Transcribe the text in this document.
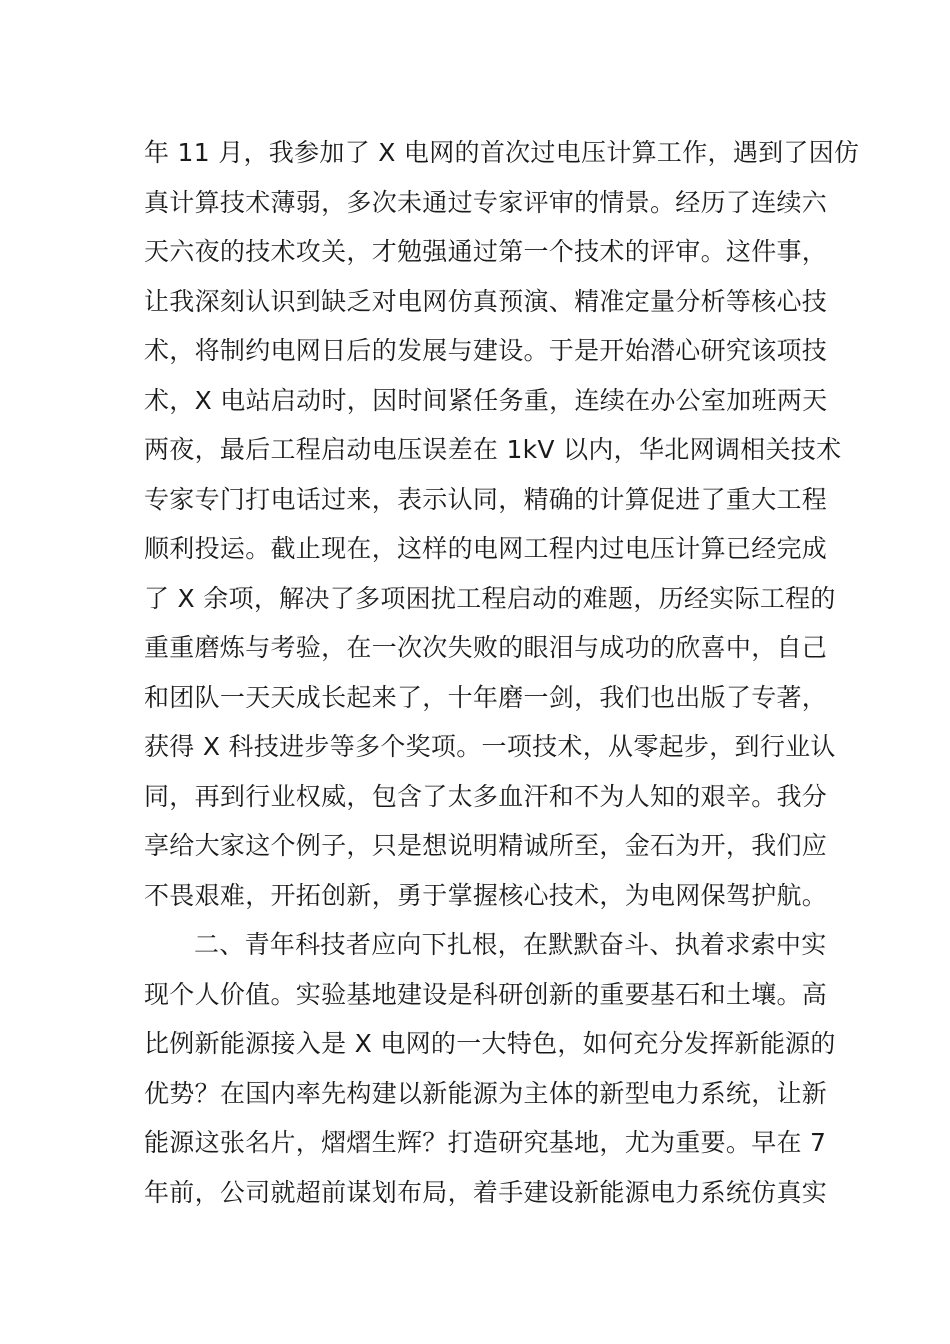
年 11 月，我参加了 X 电网的首次过电压计算工作，遇到了因仿
真计算技术薄弱，多次未通过专家评审的情景。经历了连续六
天六夜的技术攻关，才勉强通过第一个技术的评审。这件事，
让我深刻认识到缺乏对电网仿真预演、精准定量分析等核心技
术，将制约电网日后的发展与建设。于是开始潜心研究该项技
术，X 电站启动时，因时间紧任务重，连续在办公室加班两天
两夜，最后工程启动电压误差在 1kV 以内，华北网调相关技术
专家专门打电话过来，表示认同，精确的计算促进了重大工程
顺利投运。截止现在，这样的电网工程内过电压计算已经完成
了 X 余项，解决了多项困扰工程启动的难题，历经实际工程的
重重磨炼与考验，在一次次失败的眼泪与成功的欣喜中，自己
和团队一天天成长起来了，十年磨一剑，我们也出版了专著，
获得 X 科技进步等多个奖项。一项技术，从零起步，到行业认
同，再到行业权威，包含了太多血汗和不为人知的艰辛。我分
享给大家这个例子，只是想说明精诚所至，金石为开，我们应
不畏艰难，开拓创新，勇于掌握核心技术，为电网保驾护航。
二、青年科技者应向下扎根，在默默奋斗、执着求索中实
现个人价值。实验基地建设是科研创新的重要基石和土壤。高
比例新能源接入是 X 电网的一大特色，如何充分发挥新能源的
优势？在国内率先构建以新能源为主体的新型电力系统，让新
能源这张名片，熠熠生辉？打造研究基地，尤为重要。早在 7
年前，公司就超前谋划布局，着手建设新能源电力系统仿真实
